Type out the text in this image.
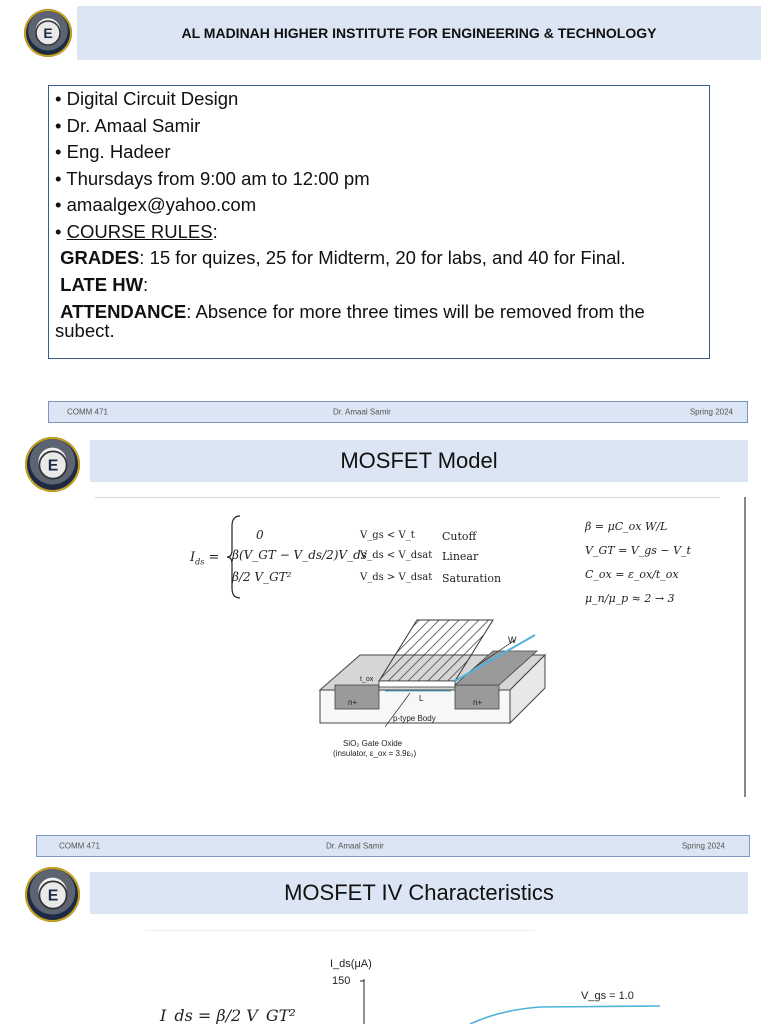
E	AL MADINAH HIGHER INSTITUTE FOR ENGINEERING & TECHNOLOGY
• Digital Circuit Design
• Dr. Amaal Samir
• Eng. Hadeer
• Thursdays from 9:00 am to 12:00 pm
• amaalgex@yahoo.com
• COURSE RULES:
GRADES: 15 for quizes, 25 for Midterm, 20 for labs, and 40 for Final.
LATE HW:
ATTENDANCE: Absence for more three times will be removed from the subect.
COMM 471	Dr. Amaal Samir	Spring 2024
E	MOSFET Model
$I_{ds}$ =
0
β(V_GT − V_ds/2)V_ds
β/2 V_GT²
V_gs < V_t
V_ds < V_dsat
V_ds > V_dsat
Cutoff
Linear
Saturation
β = μC_ox W/L
V_GT = V_gs − V_t
C_ox = ε_ox/t_ox
μ_n/μ_p ≈ 2 → 3
W
t_ox
L
n+	n+
p-type Body
SiO₂ Gate Oxide
(insulator, ε_ox = 3.9ε₀)
COMM 471	Dr. Amaal Samir	Spring 2024
E	MOSFET IV Characteristics
I_ds(μA)
150
V_gs = 1.0
I_ds = β/2 V_GT²
